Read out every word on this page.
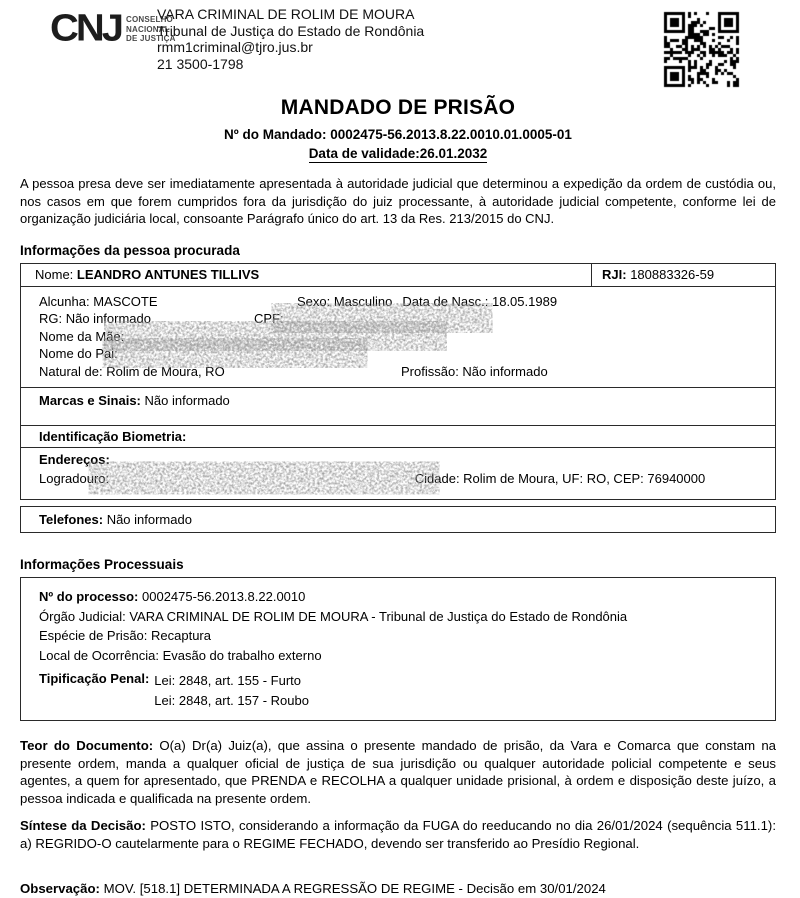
CNJ CONSELHO
NACIONAL
DE JUSTIÇA
VARA CRIMINAL DE ROLIM DE MOURA
Tribunal de Justiça do Estado de Rondônia
rmm1criminal@tjro.jus.br
21 3500-1798
MANDADO DE PRISÃO
Nº do Mandado: 0002475-56.2013.8.22.0010.01.0005-01
Data de validade:26.01.2032
A pessoa presa deve ser imediatamente apresentada à autoridade judicial que determinou a expedição da ordem de custódia ou, nos casos em que forem cumpridos fora da jurisdição do juiz processante, à autoridade judicial competente, conforme lei de organização judiciária local, consoante Parágrafo único do art. 13 da Res. 213/2015 do CNJ.
Informações da pessoa procurada
Nome: LEANDRO ANTUNES TILLIVS	RJI: 180883326-59
Alcunha: MASCOTE	Sexo: Masculino Data de Nasc.: 18.05.1989
RG: Não informado	CPF:
Nome da Mãe:
Nome do Pai:
Natural de: Rolim de Moura, RO	Profissão: Não informado
Marcas e Sinais: Não informado
Identificação Biometria:
Endereços:
Logradouro:	Cidade: Rolim de Moura, UF: RO, CEP: 76940000
Telefones: Não informado
Informações Processuais
Nº do processo: 0002475-56.2013.8.22.0010
Órgão Judicial: VARA CRIMINAL DE ROLIM DE MOURA - Tribunal de Justiça do Estado de Rondônia
Espécie de Prisão: Recaptura
Local de Ocorrência: Evasão do trabalho externo
Tipificação Penal: Lei: 2848, art. 155 - Furto
Lei: 2848, art. 157 - Roubo
Teor do Documento: O(a) Dr(a) Juiz(a), que assina o presente mandado de prisão, da Vara e Comarca que constam na presente ordem, manda a qualquer oficial de justiça de sua jurisdição ou qualquer autoridade policial competente e seus agentes, a quem for apresentado, que PRENDA e RECOLHA a qualquer unidade prisional, à ordem e disposição deste juízo, a pessoa indicada e qualificada na presente ordem.
Síntese da Decisão: POSTO ISTO, considerando a informação da FUGA do reeducando no dia 26/01/2024 (sequência 511.1): a) REGRIDO-O cautelarmente para o REGIME FECHADO, devendo ser transferido ao Presídio Regional.
Observação: MOV. [518.1] DETERMINADA A REGRESSÃO DE REGIME - Decisão em 30/01/2024
